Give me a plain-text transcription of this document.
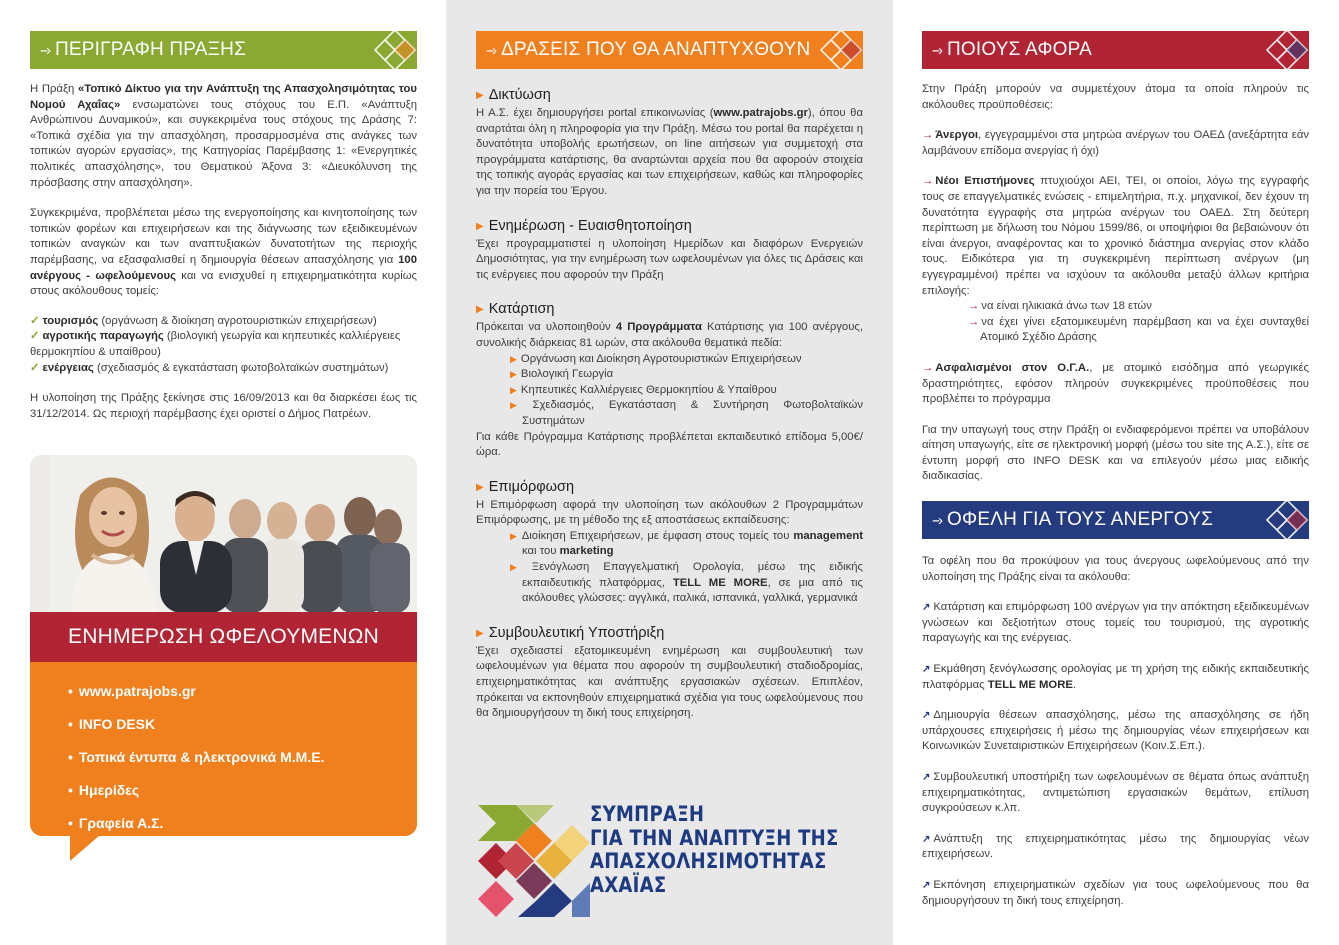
--› ΠΕΡΙΓΡΑΦΗ ΠΡΑΞΗΣ

Η Πράξη «Τοπικό Δίκτυο για την Ανάπτυξη της Απασχολησιμότητας του Νομού Αχαΐας» ενσωματώνει τους στόχους του Ε.Π. «Ανάπτυξη Ανθρώπινου Δυναμικού», και συγκεκριμένα τους στόχους της Δράσης 7: «Τοπικά σχέδια για την απασχόληση, προσαρμοσμένα στις ανάγκες των τοπικών αγορών εργασίας», της Κατηγορίας Παρέμβασης 1: «Ενεργητικές πολιτικές απασχόλησης», του Θεματικού Άξονα 3: «Διευκόλυνση της πρόσβασης στην απασχόληση».

Συγκεκριμένα, προβλέπεται μέσω της ενεργοποίησης και κινητοποίησης των τοπικών φορέων και επιχειρήσεων και της διάγνωσης των εξειδικευμένων τοπικών αναγκών και των αναπτυξιακών δυνατοτήτων της περιοχής παρέμβασης, να εξασφαλισθεί η δημιουργία θέσεων απασχόλησης για 100 ανέργους - ωφελούμενους και να ενισχυθεί η επιχειρηματικότητα κυρίως στους ακόλουθους τομείς:

✓ τουρισμός (οργάνωση & διοίκηση αγροτουριστικών επιχειρήσεων)
✓ αγροτικής παραγωγής (βιολογική γεωργία και κηπευτικές καλλιέργειες θερμοκηπίου & υπαίθρου)
✓ ενέργειας (σχεδιασμός & εγκατάσταση φωτοβολταϊκών συστημάτων)

Η υλοποίηση της Πράξης ξεκίνησε στις 16/09/2013 και θα διαρκέσει έως τις 31/12/2014. Ως περιοχή παρέμβασης έχει οριστεί ο Δήμος Πατρέων.

ΕΝΗΜΕΡΩΣΗ ΩΦΕΛΟΥΜΕΝΩΝ
• www.patrajobs.gr
• INFO DESK
• Τοπικά έντυπα & ηλεκτρονικά Μ.Μ.Ε.
• Ημερίδες
• Γραφεία Α.Σ.
--› ΔΡΑΣΕΙΣ ΠΟΥ ΘΑ ΑΝΑΠΤΥΧΘΟΥΝ
▶ Δικτύωση

Η Α.Σ. έχει δημιουργήσει portal επικοινωνίας (www.patrajobs.gr), όπου θα αναρτάται όλη η πληροφορία για την Πράξη. Μέσω του portal θα παρέχεται η δυνατότητα υποβολής ερωτήσεων, on line αιτήσεων για συμμετοχή στα προγράμματα κατάρτισης, θα αναρτώνται αρχεία που θα αφορούν στοιχεία της τοπικής αγοράς εργασίας και των επιχειρήσεων, καθώς και πληροφορίες για την πορεία του Έργου.

▶ Ενημέρωση - Ευαισθητοποίηση

Έχει προγραμματιστεί η υλοποίηση Ημερίδων και διαφόρων Ενεργειών Δημοσιότητας, για την ενημέρωση των ωφελουμένων για όλες τις Δράσεις και τις ενέργειες που αφορούν την Πράξη

▶ Κατάρτιση

Πρόκειται να υλοποιηθούν 4 Προγράμματα Κατάρτισης για 100 ανέργους, συνολικής διάρκειας 81 ωρών, στα ακόλουθα θεματικά πεδία:

▶ Οργάνωση και Διοίκηση Αγροτουριστικών Επιχειρήσεων
▶ Βιολογική Γεωργία
▶ Κηπευτικές Καλλιέργειες Θερμοκηπίου & Υπαίθρου
▶ Σχεδιασμός, Εγκατάσταση & Συντήρηση Φωτοβολταϊκών Συστημάτων

Για κάθε Πρόγραμμα Κατάρτισης προβλέπεται εκπαιδευτικό επίδομα 5,00€/ώρα.

▶ Επιμόρφωση

Η Επιμόρφωση αφορά την υλοποίηση των ακόλουθων 2 Προγραμμάτων Επιμόρφωσης, με τη μέθοδο της εξ αποστάσεως εκπαίδευσης:

▶ Διοίκηση Επιχειρήσεων, με έμφαση στους τομείς του management και του marketing
▶ Ξενόγλωση Επαγγελματική Ορολογία, μέσω της ειδικής εκπαιδευτικής πλατφόρμας, TELL ME MORE, σε μια από τις ακόλουθες γλώσσες: αγγλικά, ιταλικά, ισπανικά, γαλλικά, γερμανικά
▶ Συμβουλευτική Υποστήριξη

Έχει σχεδιαστεί εξατομικευμένη ενημέρωση και συμβουλευτική των ωφελουμένων για θέματα που αφορούν τη συμβουλευτική σταδιοδρομίας, επιχειρηματικότητας και ανάπτυξης εργασιακών σχέσεων. Επιπλέον, πρόκειται να εκπονηθούν επιχειρηματικά σχέδια για τους ωφελούμενους που θα δημιουργήσουν τη δική τους επιχείρηση.

ΣΥΜΠΡΑΞΗ
ΓΙΑ ΤΗΝ ΑΝΑΠΤΥΞΗ ΤΗΣ
ΑΠΑΣΧΟΛΗΣΙΜΟΤΗΤΑΣ
ΑΧΑΪΑΣ
--› ΠΟΙΟΥΣ ΑΦΟΡΑ

Στην Πράξη μπορούν να συμμετέχουν άτομα τα οποία πληρούν τις ακόλουθες προϋποθέσεις:

→ Άνεργοι, εγγεγραμμένοι στα μητρώα ανέργων του ΟΑΕΔ (ανεξάρτητα εάν λαμβάνουν επίδομα ανεργίας ή όχι)

→ Νέοι Επιστήμονες πτυχιούχοι ΑΕΙ, ΤΕΙ, οι οποίοι, λόγω της εγγραφής τους σε επαγγελματικές ενώσεις - επιμελητήρια, π.χ. μηχανικοί, δεν έχουν τη δυνατότητα εγγραφής στα μητρώα ανέργων του ΟΑΕΔ. Στη δεύτερη περίπτωση με δήλωση του Νόμου 1599/86, οι υποψήφιοι θα βεβαιώνουν ότι είναι άνεργοι, αναφέροντας και το χρονικό διάστημα ανεργίας στον κλάδο τους. Ειδικότερα για τη συγκεκριμένη περίπτωση ανέργων (μη εγγεγραμμένοι) πρέπει να ισχύουν τα ακόλουθα μεταξύ άλλων κριτήρια επιλογής:

→ να είναι ηλικιακά άνω των 18 ετών
→ να έχει γίνει εξατομικευμένη παρέμβαση και να έχει συνταχθεί Ατομικό Σχέδιο Δράσης

→ Ασφαλισμένοι στον Ο.Γ.Α., με ατομικό εισόδημα από γεωργικές δραστηριότητες, εφόσον πληρούν συγκεκριμένες προϋποθέσεις που προβλέπει το πρόγραμμα

Για την υπαγωγή τους στην Πράξη οι ενδιαφερόμενοι πρέπει να υποβάλουν αίτηση υπαγωγής, είτε σε ηλεκτρονική μορφή (μέσω του site της Α.Σ.), είτε σε έντυπη μορφή στο INFO DESK και να επιλεγούν μέσω μιας ειδικής διαδικασίας.

--› ΟΦΕΛΗ ΓΙΑ ΤΟΥΣ ΑΝΕΡΓΟΥΣ

Τα οφέλη που θα προκύψουν για τους άνεργους ωφελούμενους από την υλοποίηση της Πράξης είναι τα ακόλουθα:

↗ Κατάρτιση και επιμόρφωση 100 ανέργων για την απόκτηση εξειδικευμένων γνώσεων και δεξιοτήτων στους τομείς του τουρισμού, της αγροτικής παραγωγής και της ενέργειας.

↗ Εκμάθηση ξενόγλωσσης ορολογίας με τη χρήση της ειδικής εκπαιδευτικής πλατφόρμας TELL ME MORE.

↗ Δημιουργία θέσεων απασχόλησης, μέσω της απασχόλησης σε ήδη υπάρχουσες επιχειρήσεις ή μέσω της δημιουργίας νέων επιχειρήσεων και Κοινωνικών Συνεταιριστικών Επιχειρήσεων (Κοιν.Σ.Επ.).

↗ Συμβουλευτική υποστήριξη των ωφελουμένων σε θέματα όπως ανάπτυξη επιχειρηματικότητας, αντιμετώπιση εργασιακών θεμάτων, επίλυση συγκρούσεων κ.λπ.

↗ Ανάπτυξη της επιχειρηματικότητας μέσω της δημιουργίας νέων επιχειρήσεων.

↗ Εκπόνηση επιχειρηματικών σχεδίων για τους ωφελούμενους που θα δημιουργήσουν τη δική τους επιχείρηση.
